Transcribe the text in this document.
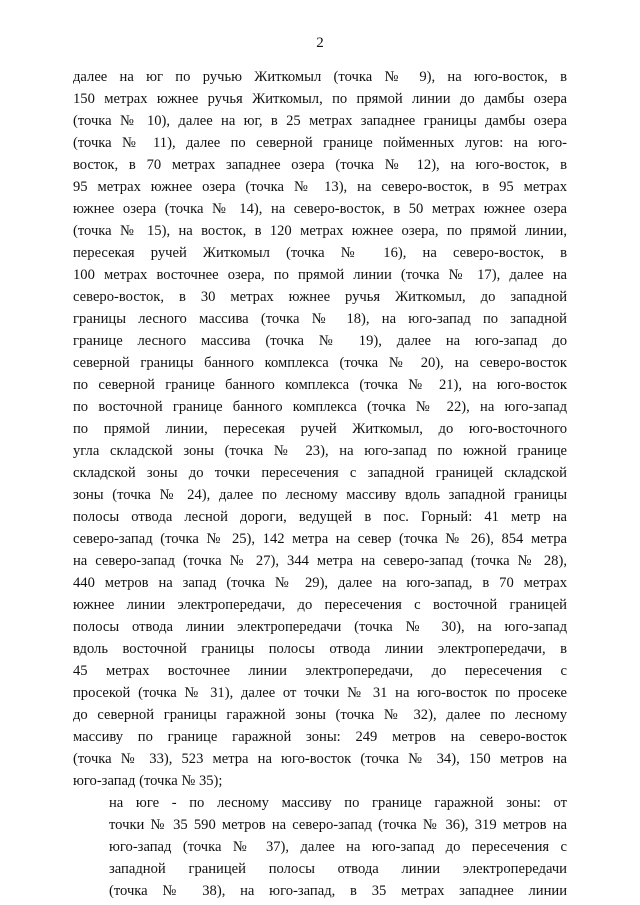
2

далее на юг по ручью Житкомыл (точка № 9), на юго-восток, в
150 метрах южнее ручья Житкомыл, по прямой линии до дамбы озера
(точка № 10), далее на юг, в 25 метрах западнее границы дамбы озера
(точка № 11), далее по северной границе пойменных лугов: на юго-
восток, в 70 метрах западнее озера (точка № 12), на юго-восток, в
95 метрах южнее озера (точка № 13), на северо-восток, в 95 метрах
южнее озера (точка № 14), на северо-восток, в 50 метрах южнее озера
(точка № 15), на восток, в 120 метрах южнее озера, по прямой линии,
пересекая ручей Житкомыл (точка № 16), на северо-восток, в
100 метрах восточнее озера, по прямой линии (точка № 17), далее на
северо-восток, в 30 метрах южнее ручья Житкомыл, до западной
границы лесного массива (точка № 18), на юго-запад по западной
границе лесного массива (точка № 19), далее на юго-запад до
северной границы банного комплекса (точка № 20), на северо-восток
по северной границе банного комплекса (точка № 21), на юго-восток
по восточной границе банного комплекса (точка № 22), на юго-запад
по прямой линии, пересекая ручей Житкомыл, до юго-восточного
угла складской зоны (точка № 23), на юго-запад по южной границе
складской зоны до точки пересечения с западной границей складской
зоны (точка № 24), далее по лесному массиву вдоль западной границы
полосы отвода лесной дороги, ведущей в пос. Горный: 41 метр на
северо-запад (точка № 25), 142 метра на север (точка № 26), 854 метра
на северо-запад (точка № 27), 344 метра на северо-запад (точка № 28),
440 метров на запад (точка № 29), далее на юго-запад, в 70 метрах
южнее линии электропередачи, до пересечения с восточной границей
полосы отвода линии электропередачи (точка № 30), на юго-запад
вдоль восточной границы полосы отвода линии электропередачи, в
45 метрах восточнее линии электропередачи, до пересечения с
просекой (точка № 31), далее от точки № 31 на юго-восток по просеке
до северной границы гаражной зоны (точка № 32), далее по лесному
массиву по границе гаражной зоны: 249 метров на северо-восток
(точка № 33), 523 метра на юго-восток (точка № 34), 150 метров на
юго-запад (точка № 35);

на юге - по лесному массиву по границе гаражной зоны: от
точки № 35 590 метров на северо-запад (точка № 36), 319 метров на
юго-запад (точка № 37), далее на юго-запад до пересечения с
западной границей полосы отвода линии электропередачи
(точка № 38), на юго-запад, в 35 метрах западнее линии
